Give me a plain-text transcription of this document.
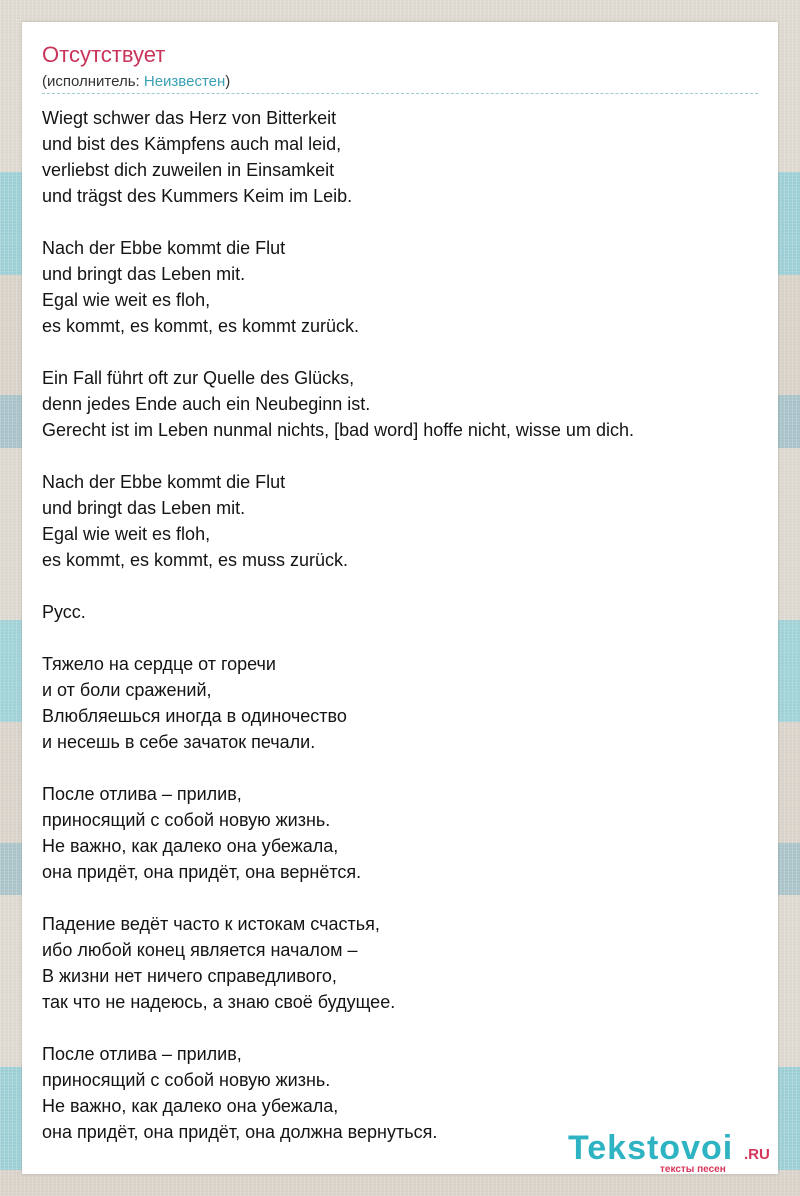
Отсутствует
(исполнитель: Неизвестен)

Wiegt schwer das Herz von Bitterkeit
und bist des Kämpfens auch mal leid,
verliebst dich zuweilen in Einsamkeit
und trägst des Kummers Keim im Leib.

Nach der Ebbe kommt die Flut
und bringt das Leben mit.
Egal wie weit es floh,
es kommt, es kommt, es kommt zurück.

Ein Fall führt oft zur Quelle des Glücks,
denn jedes Ende auch ein Neubeginn ist.
Gerecht ist im Leben nunmal nichts, [bad word] hoffe nicht, wisse um dich.

Nach der Ebbe kommt die Flut
und bringt das Leben mit.
Egal wie weit es floh,
es kommt, es kommt, es muss zurück.

Русс.

Тяжело на сердце от горечи
и от боли сражений,
Влюбляешься иногда в одиночество
и несешь в себе зачаток печали.

После отлива – прилив,
приносящий с собой новую жизнь.
Не важно, как далеко она убежала,
она придёт, она придёт, она вернётся.

Падение ведёт часто к истокам счастья,
ибо любой конец является началом –
В жизни нет ничего справедливого,
так что не надеюсь, а знаю своё будущее.

После отлива – прилив,
приносящий с собой новую жизнь.
Не важно, как далеко она убежала,
она придёт, она придёт, она должна вернуться.	Tekstovoi .RU
тексты песен
